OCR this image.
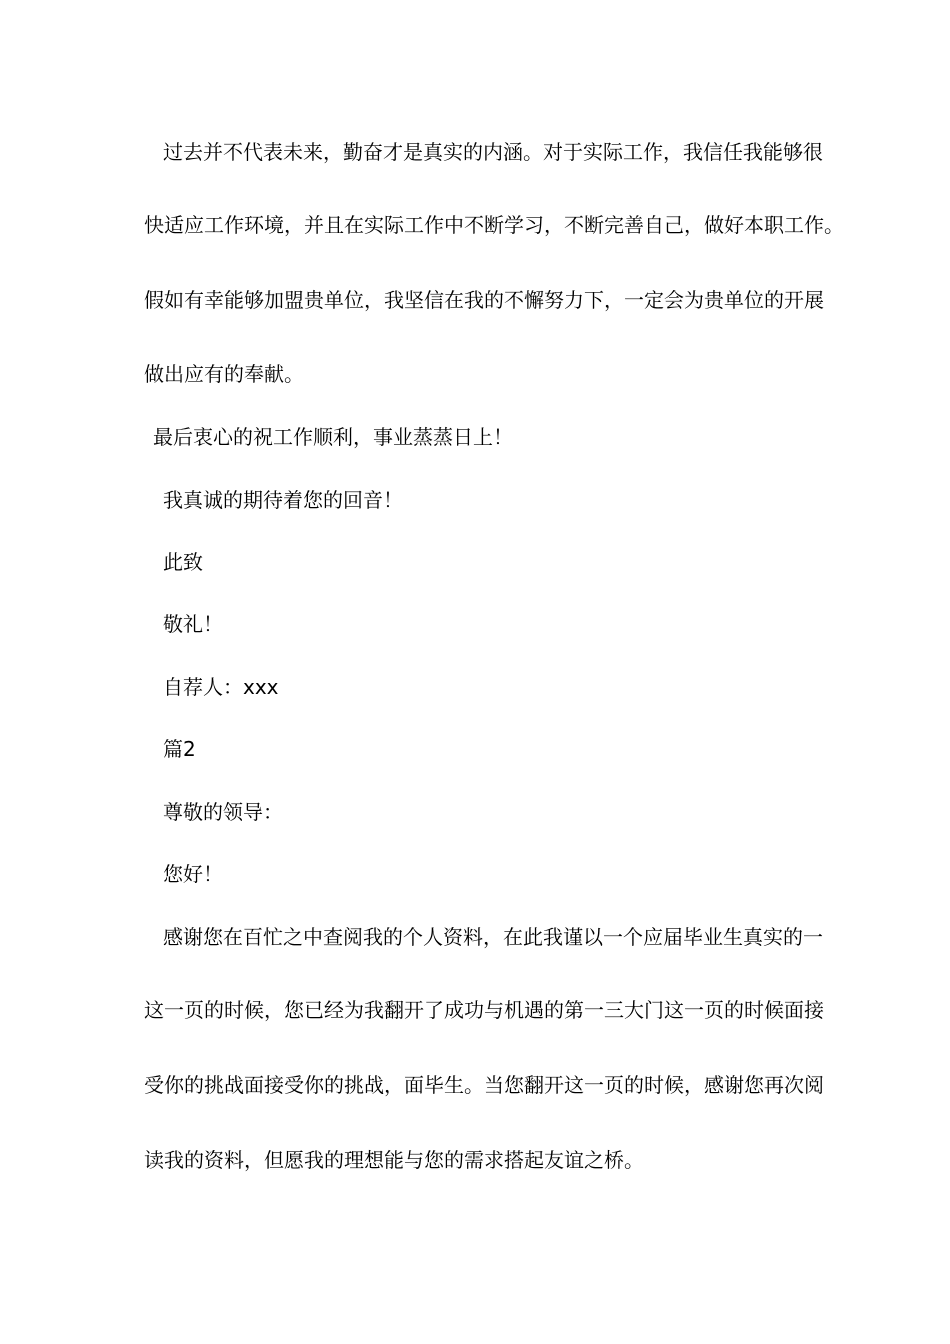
过去并不代表未来，勤奋才是真实的内涵。对于实际工作，我信任我能够很
快适应工作环境，并且在实际工作中不断学习，不断完善自己，做好本职工作。
假如有幸能够加盟贵单位，我坚信在我的不懈努力下，一定会为贵单位的开展
做出应有的奉献。
最后衷心的祝工作顺利，事业蒸蒸日上！
我真诚的期待着您的回音！
此致
敬礼！
自荐人：xxx
篇2
尊敬的领导：
您好！
感谢您在百忙之中查阅我的个人资料，在此我谨以一个应届毕业生真实的一
这一页的时候，您已经为我翻开了成功与机遇的第一三大门这一页的时候面接
受你的挑战面接受你的挑战，面毕生。当您翻开这一页的时候，感谢您再次阅
读我的资料，但愿我的理想能与您的需求搭起友谊之桥。
